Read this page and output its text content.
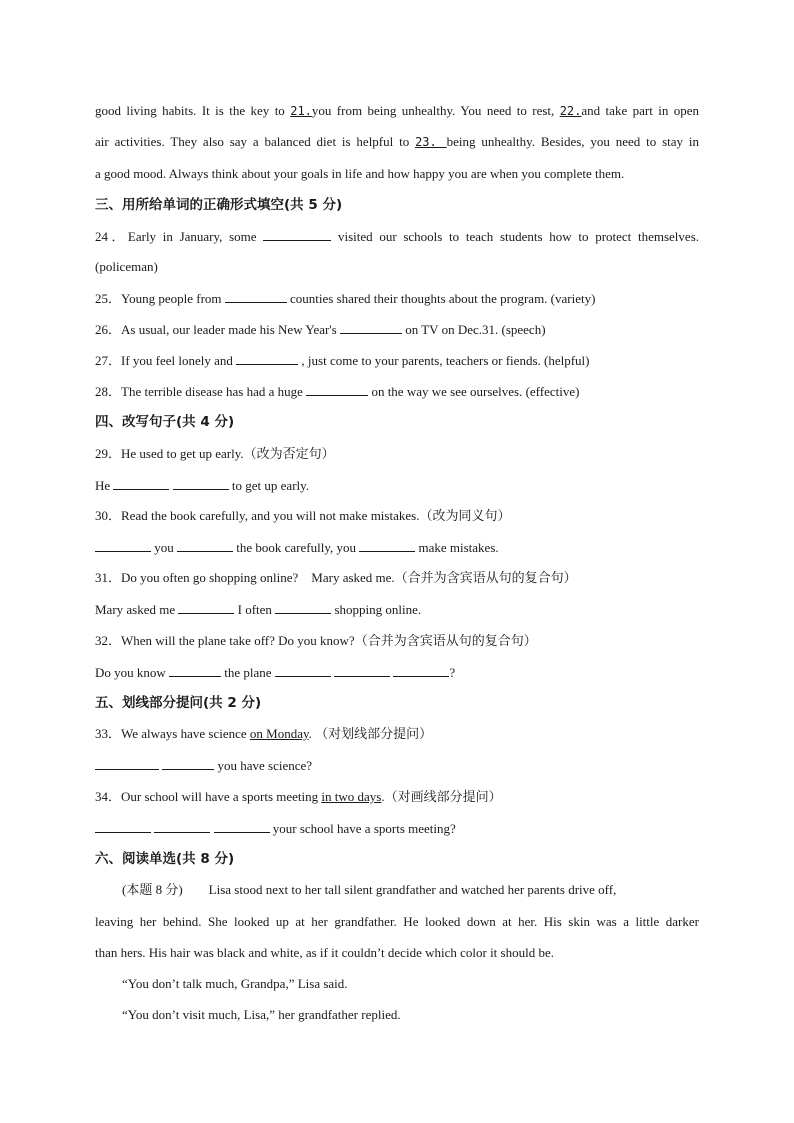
good living habits. It is the key to 21.you from being unhealthy. You need to rest, 22.and take part in open
air activities. They also say a balanced diet is helpful to 23. being unhealthy. Besides, you need to stay in
a good mood. Always think about your goals in life and how happy you are when you complete them.
三、用所给单词的正确形式填空(共 5 分)
24．Early in January, some	visited our schools to teach students how to protect themselves.
(policeman)
25．Young people from	counties shared their thoughts about the program. (variety)
26．As usual, our leader made his New Year's	on TV on Dec.31. (speech)
27．If you feel lonely and	, just come to your parents, teachers or fiends. (helpful)
28．The terrible disease has had a huge	on the way we see ourselves. (effective)
四、改写句子(共 4 分)
29．He used to get up early.（改为否定句）
He	to get up early.
30．Read the book carefully, and you will not make mistakes.（改为同义句）
you	the book carefully, you	make mistakes.
31．Do you often go shopping online? Mary asked me.（合并为含宾语从句的复合句）
Mary asked me	I often	shopping online.
32．When will the plane take off? Do you know?（合并为含宾语从句的复合句）
Do you know	the plane	?
五、划线部分提问(共 2 分)
33．We always have science on Monday. （对划线部分提问）
you have science?
34．Our school will have a sports meeting in two days.（对画线部分提问）
your school have a sports meeting?
六、阅读单选(共 8 分)
(本题 8 分) Lisa stood next to her tall silent grandfather and watched her parents drive off,
leaving her behind. She looked up at her grandfather. He looked down at her. His skin was a little darker
than hers. His hair was black and white, as if it couldn’t decide which color it should be.
“You don’t talk much, Grandpa,” Lisa said.
“You don’t visit much, Lisa,” her grandfather replied.
